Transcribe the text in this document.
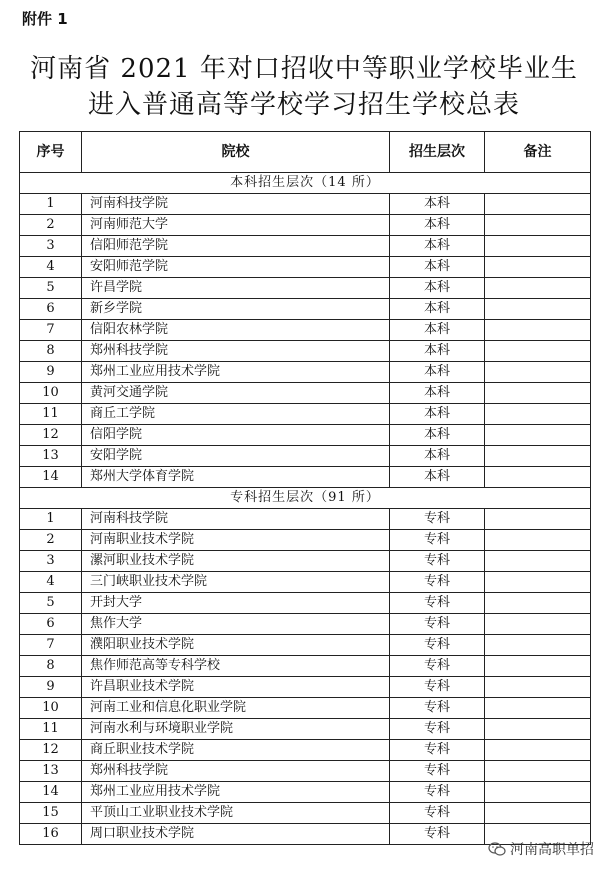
附件 1
河南省 2021 年对口招收中等职业学校毕业生
进入普通高等学校学习招生学校总表
序号	院校	招生层次	备注
本科招生层次（14 所）			
1	河南科技学院	本科	
2	河南师范大学	本科	
3	信阳师范学院	本科	
4	安阳师范学院	本科	
5	许昌学院	本科	
6	新乡学院	本科	
7	信阳农林学院	本科	
8	郑州科技学院	本科	
9	郑州工业应用技术学院	本科	
10	黄河交通学院	本科	
11	商丘工学院	本科	
12	信阳学院	本科	
13	安阳学院	本科	
14	郑州大学体育学院	本科	
专科招生层次（91 所）			
1	河南科技学院	专科	
2	河南职业技术学院	专科	
3	漯河职业技术学院	专科	
4	三门峡职业技术学院	专科	
5	开封大学	专科	
6	焦作大学	专科	
7	濮阳职业技术学院	专科	
8	焦作师范高等专科学校	专科	
9	许昌职业技术学院	专科	
10	河南工业和信息化职业学院	专科	
11	河南水利与环境职业学院	专科	
12	商丘职业技术学院	专科	
13	郑州科技学院	专科	
14	郑州工业应用技术学院	专科	
15	平顶山工业职业技术学院	专科	
16	周口职业技术学院	专科	
河南高职单招
